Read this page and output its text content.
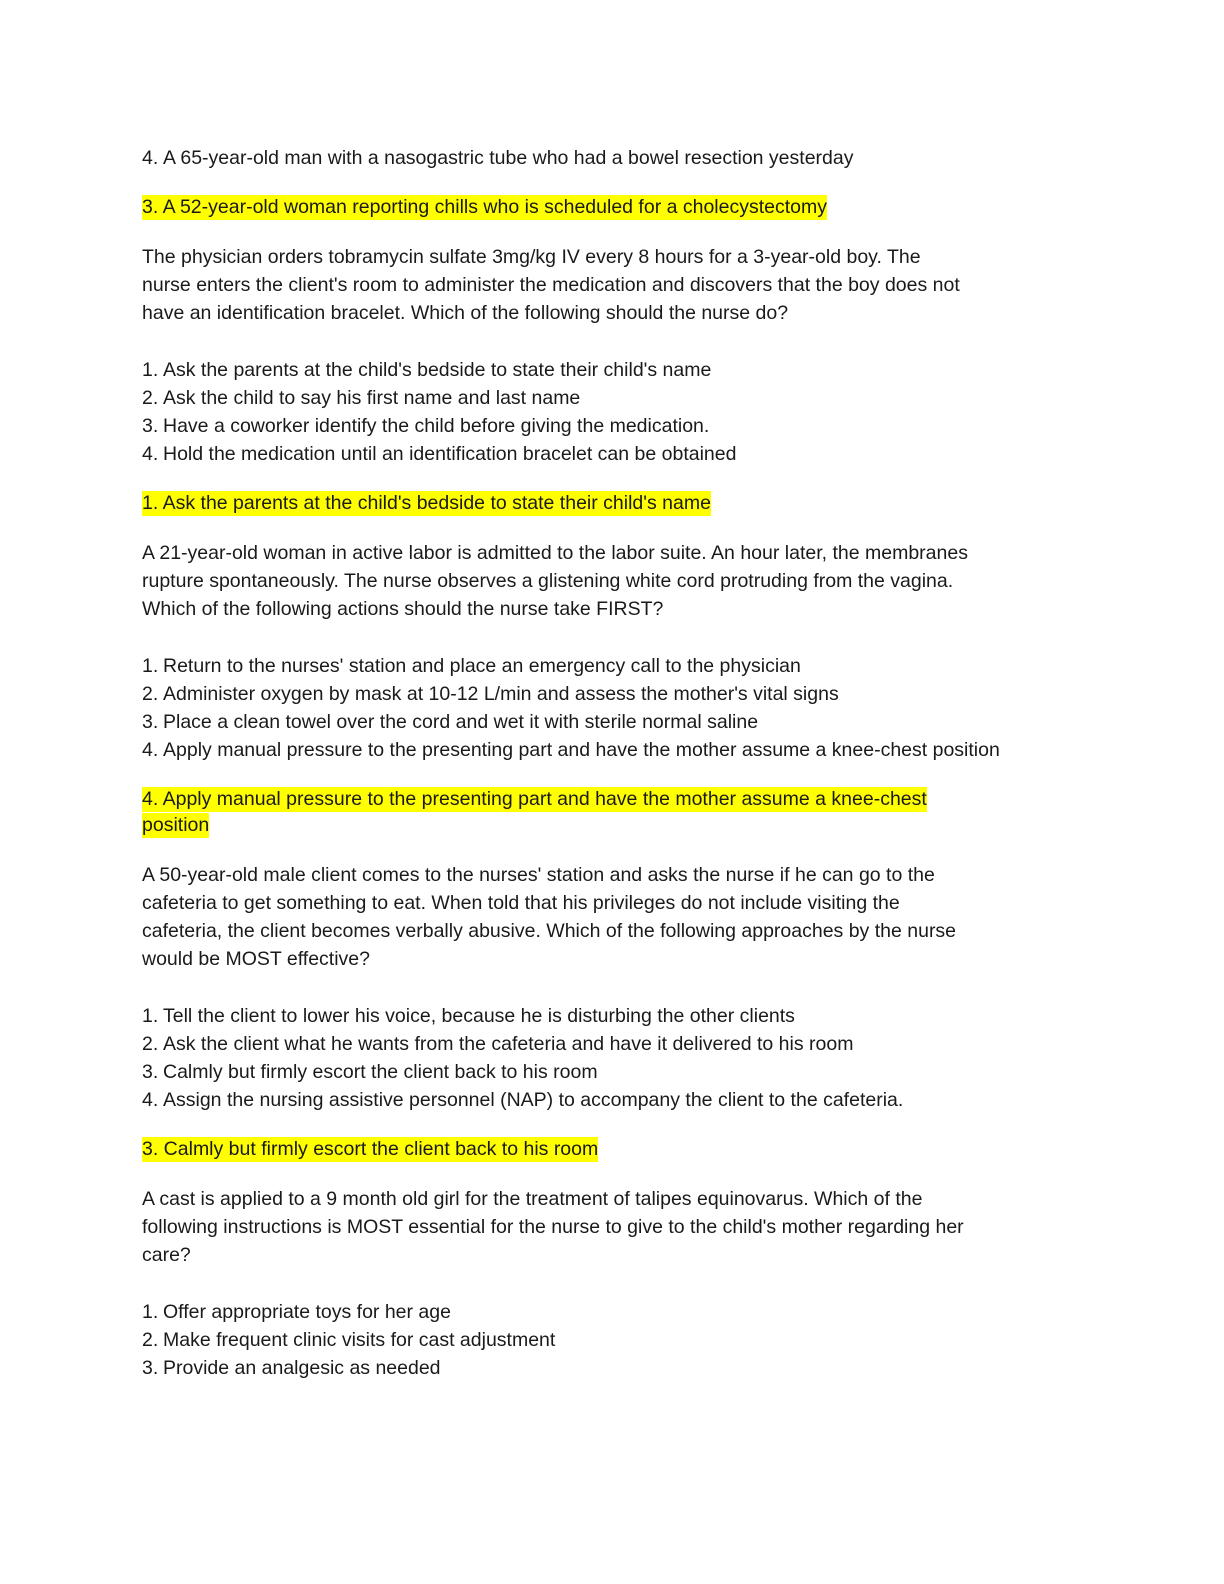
4. A 65-year-old man with a nasogastric tube who had a bowel resection yesterday
3. A 52-year-old woman reporting chills who is scheduled for a cholecystectomy
The physician orders tobramycin sulfate 3mg/kg IV every 8 hours for a 3-year-old boy. The
nurse enters the client's room to administer the medication and discovers that the boy does not
have an identification bracelet. Which of the following should the nurse do?
1. Ask the parents at the child's bedside to state their child's name
2. Ask the child to say his first name and last name
3. Have a coworker identify the child before giving the medication.
4. Hold the medication until an identification bracelet can be obtained
1. Ask the parents at the child's bedside to state their child's name
A 21-year-old woman in active labor is admitted to the labor suite. An hour later, the membranes
rupture spontaneously. The nurse observes a glistening white cord protruding from the vagina.
Which of the following actions should the nurse take FIRST?
1. Return to the nurses' station and place an emergency call to the physician
2. Administer oxygen by mask at 10-12 L/min and assess the mother's vital signs
3. Place a clean towel over the cord and wet it with sterile normal saline
4. Apply manual pressure to the presenting part and have the mother assume a knee-chest position
4. Apply manual pressure to the presenting part and have the mother assume a knee-chest
position
A 50-year-old male client comes to the nurses' station and asks the nurse if he can go to the
cafeteria to get something to eat. When told that his privileges do not include visiting the
cafeteria, the client becomes verbally abusive. Which of the following approaches by the nurse
would be MOST effective?
1. Tell the client to lower his voice, because he is disturbing the other clients
2. Ask the client what he wants from the cafeteria and have it delivered to his room
3. Calmly but firmly escort the client back to his room
4. Assign the nursing assistive personnel (NAP) to accompany the client to the cafeteria.
3. Calmly but firmly escort the client back to his room
A cast is applied to a 9 month old girl for the treatment of talipes equinovarus. Which of the
following instructions is MOST essential for the nurse to give to the child's mother regarding her
care?
1. Offer appropriate toys for her age
2. Make frequent clinic visits for cast adjustment
3. Provide an analgesic as needed
